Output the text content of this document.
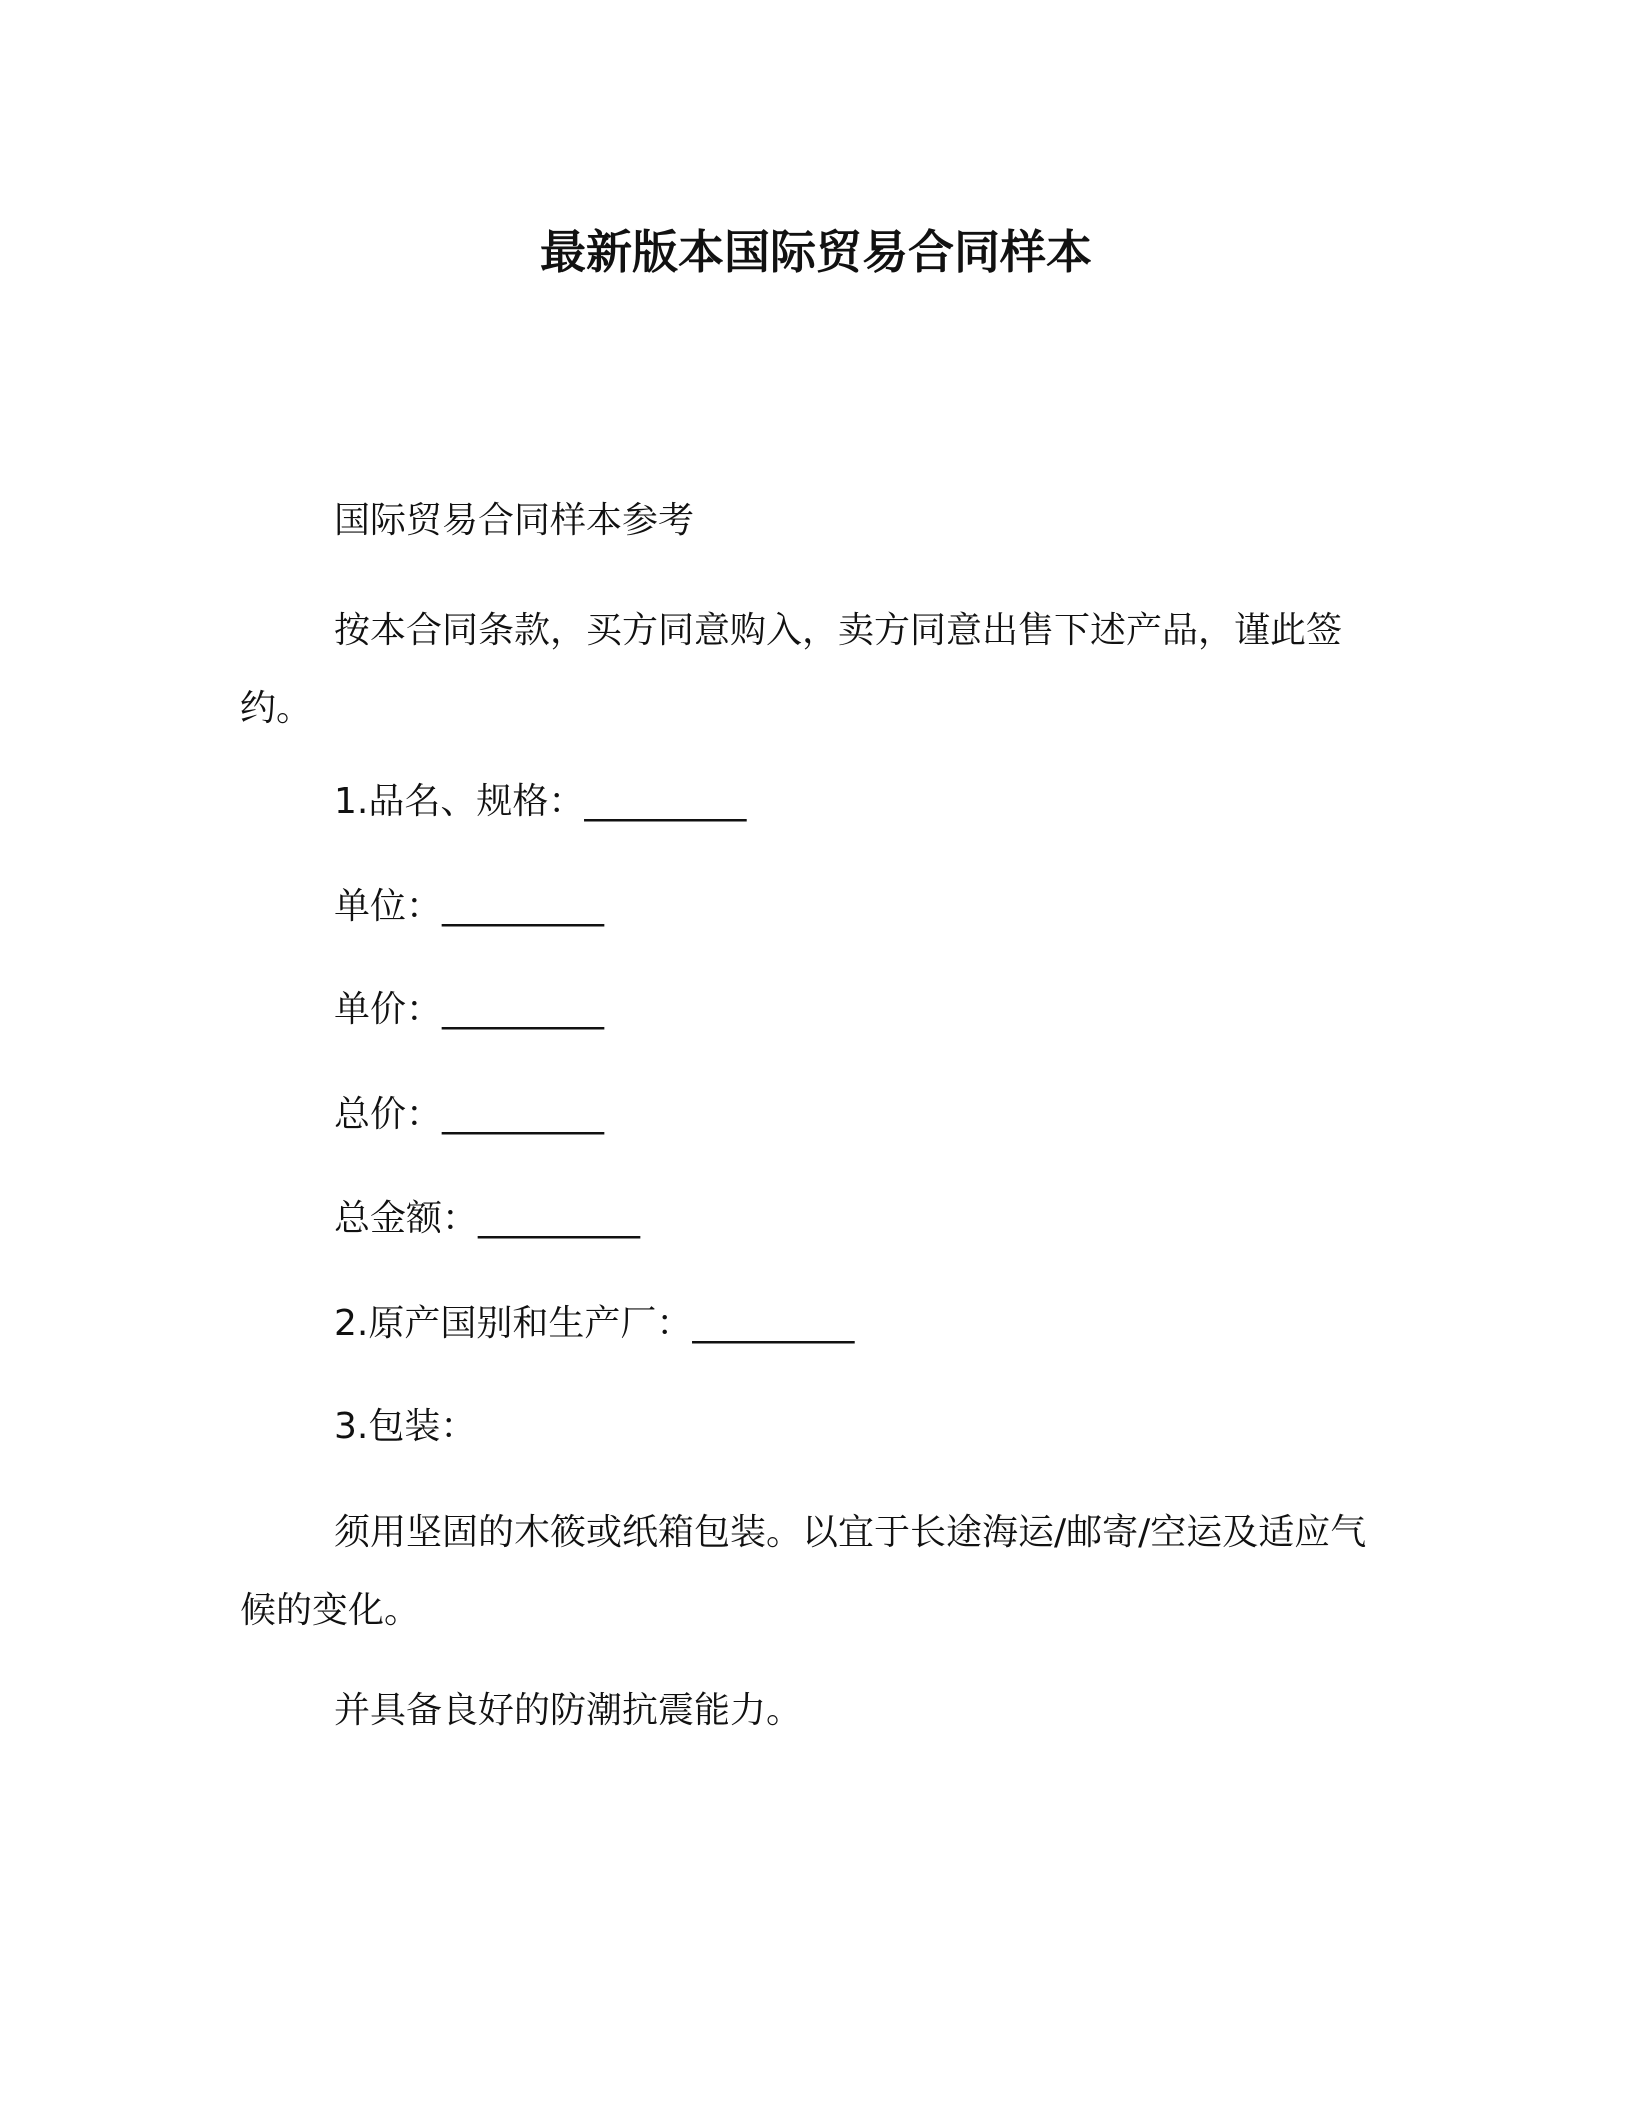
最新版本国际贸易合同样本

国际贸易合同样本参考

按本合同条款，买方同意购入，卖方同意出售下述产品，谨此签约。

1.品名、规格：_________

单位：_________

单价：_________

总价：_________

总金额：_________

2.原产国别和生产厂：_________

3.包装：

须用坚固的木筱或纸箱包装。以宜于长途海运/邮寄/空运及适应气候的变化。

并具备良好的防潮抗震能力。
